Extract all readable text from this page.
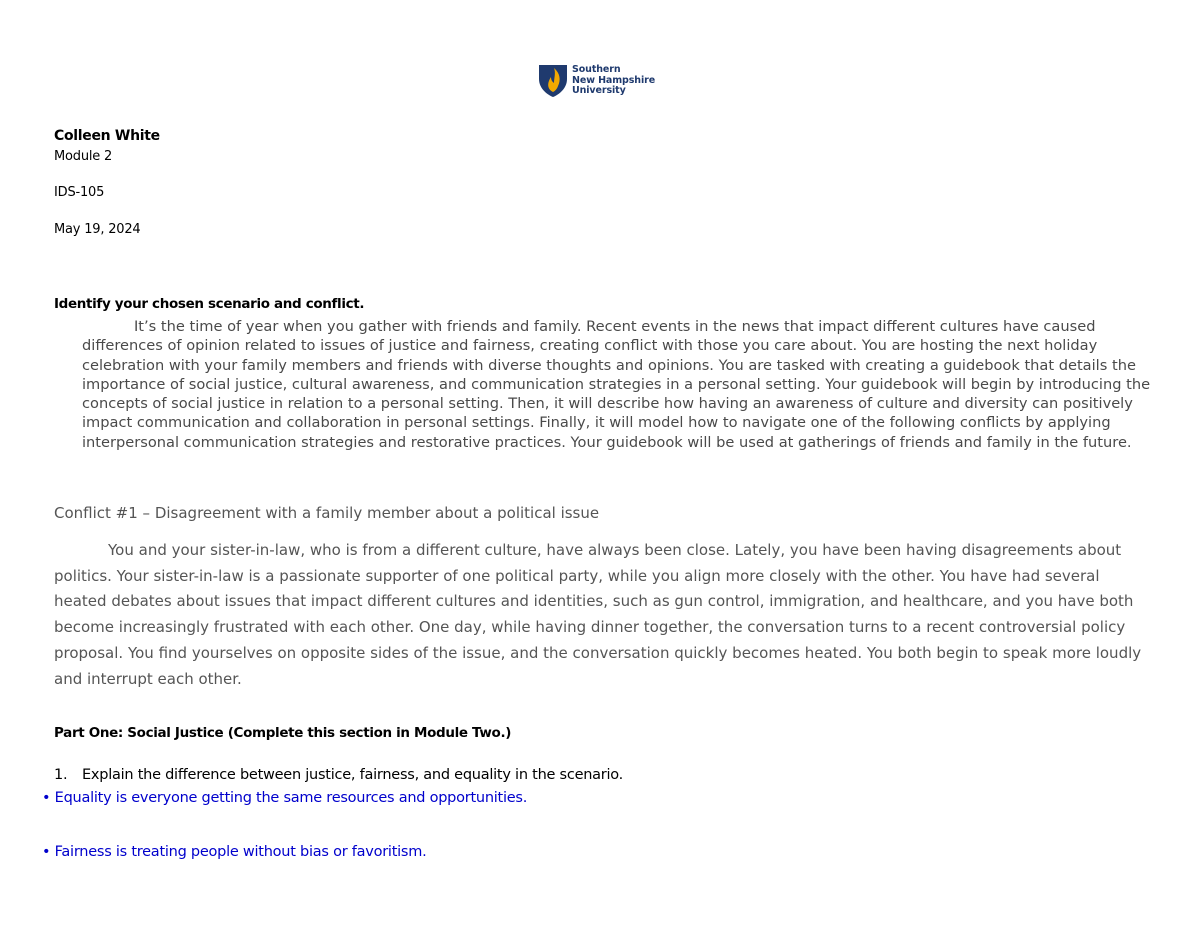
Southern
New Hampshire
University
Colleen White
Module 2
IDS-105
May 19, 2024
Identify your chosen scenario and conflict.

It’s the time of year when you gather with friends and family. Recent events in the news that impact different cultures have caused differences of opinion related to issues of justice and fairness, creating conflict with those you care about. You are hosting the next holiday celebration with your family members and friends with diverse thoughts and opinions. You are tasked with creating a guidebook that details the importance of social justice, cultural awareness, and communication strategies in a personal setting. Your guidebook will begin by introducing the concepts of social justice in relation to a personal setting. Then, it will describe how having an awareness of culture and diversity can positively impact communication and collaboration in personal settings. Finally, it will model how to navigate one of the following conflicts by applying interpersonal communication strategies and restorative practices. Your guidebook will be used at gatherings of friends and family in the future.

Conflict #1 – Disagreement with a family member about a political issue

You and your sister-in-law, who is from a different culture, have always been close. Lately, you have been having disagreements about politics. Your sister-in-law is a passionate supporter of one political party, while you align more closely with the other. You have had several heated debates about issues that impact different cultures and identities, such as gun control, immigration, and healthcare, and you have both become increasingly frustrated with each other. One day, while having dinner together, the conversation turns to a recent controversial policy proposal. You find yourselves on opposite sides of the issue, and the conversation quickly becomes heated. You both begin to speak more loudly and interrupt each other.

Part One: Social Justice (Complete this section in Module Two.)
1. Explain the difference between justice, fairness, and equality in the scenario.
• Equality is everyone getting the same resources and opportunities.
• Fairness is treating people without bias or favoritism.
